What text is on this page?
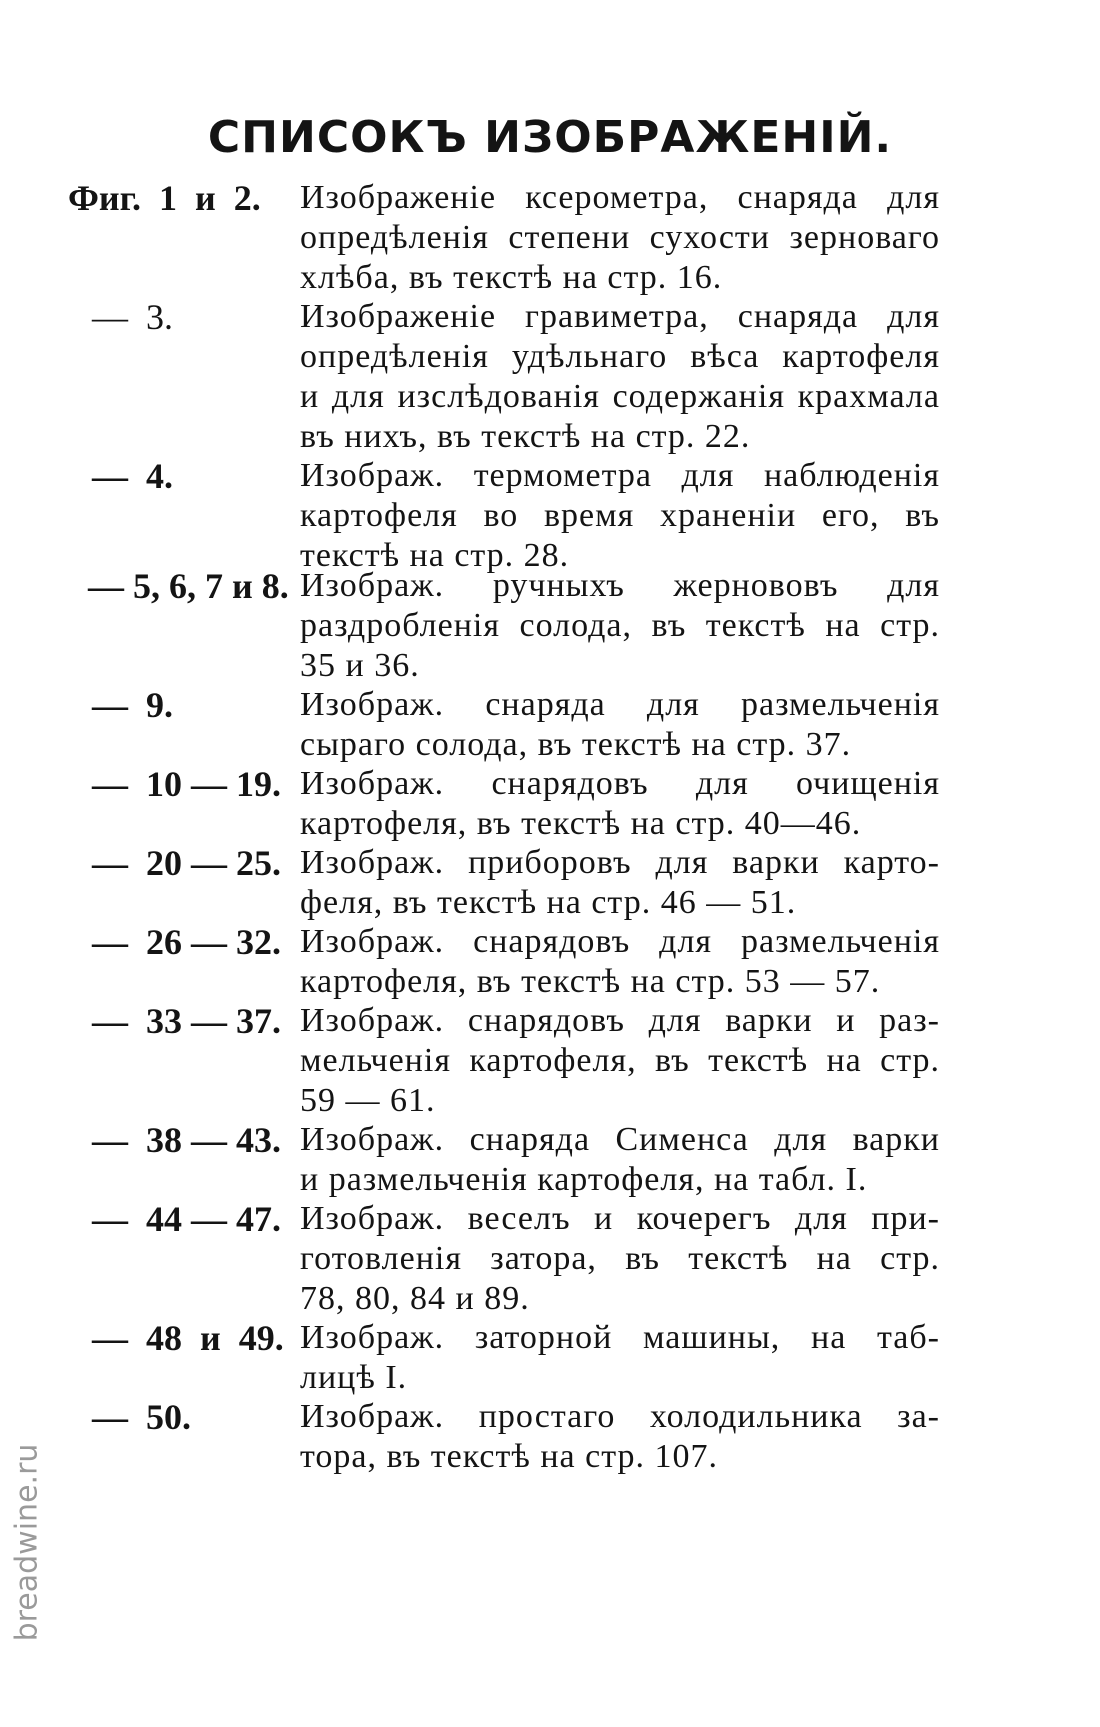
СПИСОКЪ ИЗОБРАЖЕНIЙ.
Фиг.  1  и  2. Изображенiе ксерометра, снаряда для
опредѣленiя степени сухости зерноваго
хлѣба, въ текстѣ на стр. 16.
—  3.	Изображенiе гравиметра, снаряда для
опредѣленiя удѣльнаго вѣса картофеля
и для изслѣдованiя содержанiя крахмала
въ нихъ, въ текстѣ на стр. 22.
—  4.	Изображ. термометра для наблюденiя
картофеля во время храненiи его, въ
текстѣ на стр. 28.
— 5, 6, 7 и 8. Изображ. ручныхъ жернововъ для
раздробленiя солода, въ текстѣ на стр.
35 и 36.
—  9.	Изображ. снаряда для размельченiя
сыраго солода, въ текстѣ на стр. 37.
—  10 — 19. Изображ. снарядовъ для очищенiя
картофеля, въ текстѣ на стр. 40—46.
—  20 — 25. Изображ. приборовъ для варки карто-
феля, въ текстѣ на стр. 46 — 51.
—  26 — 32. Изображ. снарядовъ для размельченiя
картофеля, въ текстѣ на стр. 53 — 57.
—  33 — 37. Изображ. снарядовъ для варки и раз-
мельченiя картофеля, въ текстѣ на стр.
59 — 61.
—  38 — 43. Изображ. снаряда Сименса для варки
и размельченiя картофеля, на табл. I.
—  44 — 47. Изображ. веселъ и кочерегъ для при-
готовленiя затора, въ текстѣ на стр.
78, 80, 84 и 89.
—  48  и  49. Изображ. заторной машины, на таб-
лицѣ I.
—  50.	Изображ. простаго холодильника за-
тора, въ текстѣ на стр. 107.
breadwine.ru
